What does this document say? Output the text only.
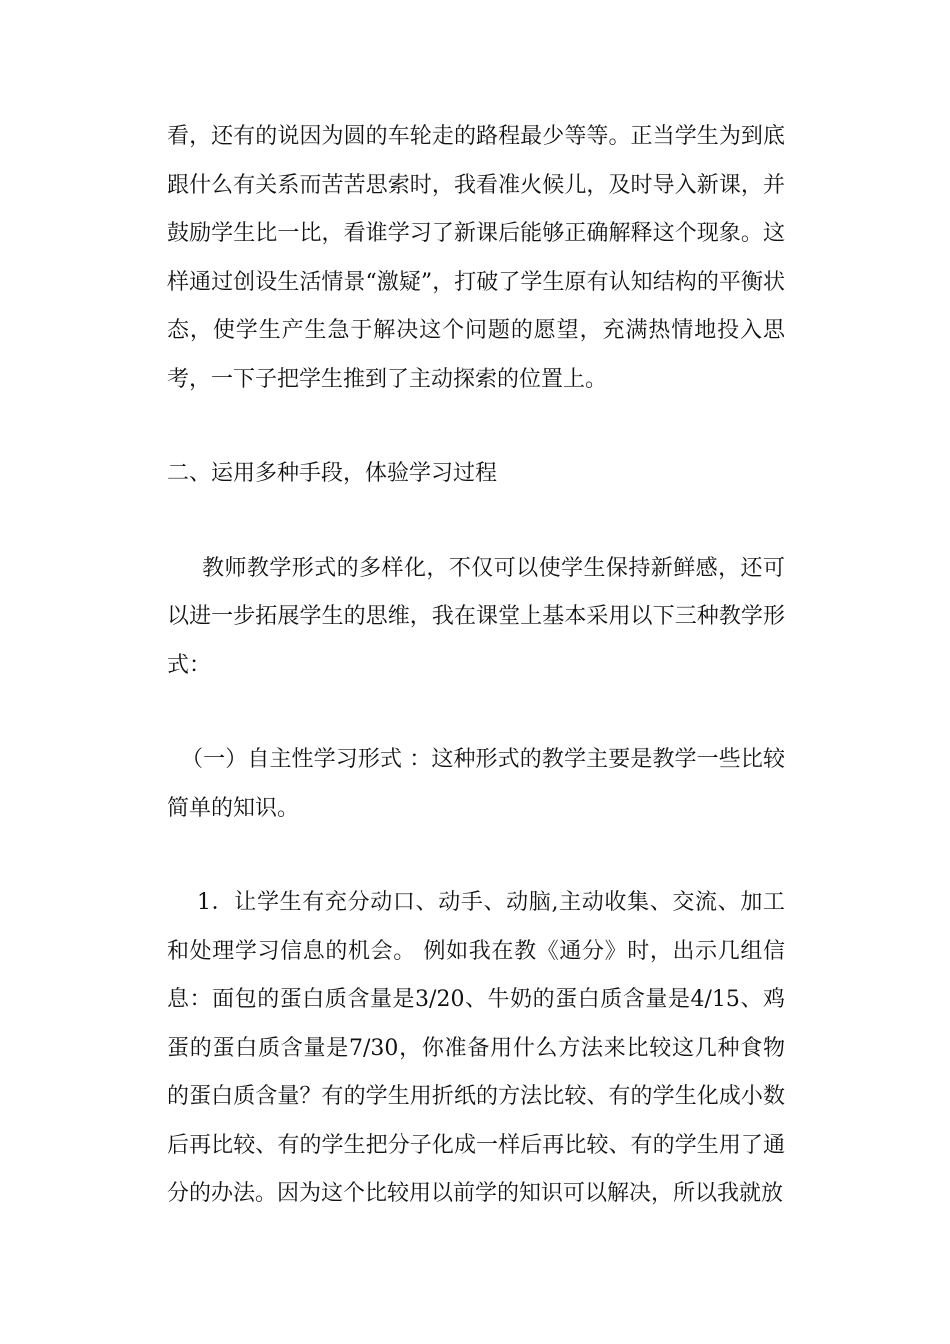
看，还有的说因为圆的车轮走的路程最少等等。正当学生为到底跟什么有关系而苦苦思索时，我看准火候儿，及时导入新课，并鼓励学生比一比，看谁学习了新课后能够正确解释这个现象。这样通过创设生活情景“激疑”，打破了学生原有认知结构的平衡状态，使学生产生急于解决这个问题的愿望，充满热情地投入思考，一下子把学生推到了主动探索的位置上。

二、运用多种手段，体验学习过程

教师教学形式的多样化，不仅可以使学生保持新鲜感，还可以进一步拓展学生的思维，我在课堂上基本采用以下三种教学形式：

（一）自主性学习形式 ：这种形式的教学主要是教学一些比较简单的知识。

1．让学生有充分动口、动手、动脑,主动收集、交流、加工和处理学习信息的机会。 例如我在教《通分》时，出示几组信息：面包的蛋白质含量是3/20、牛奶的蛋白质含量是4/15、鸡蛋的蛋白质含量是7/30，你准备用什么方法来比较这几种食物的蛋白质含量？有的学生用折纸的方法比较、有的学生化成小数后再比较、有的学生把分子化成一样后再比较、有的学生用了通分的办法。因为这个比较用以前学的知识可以解决，所以我就放
